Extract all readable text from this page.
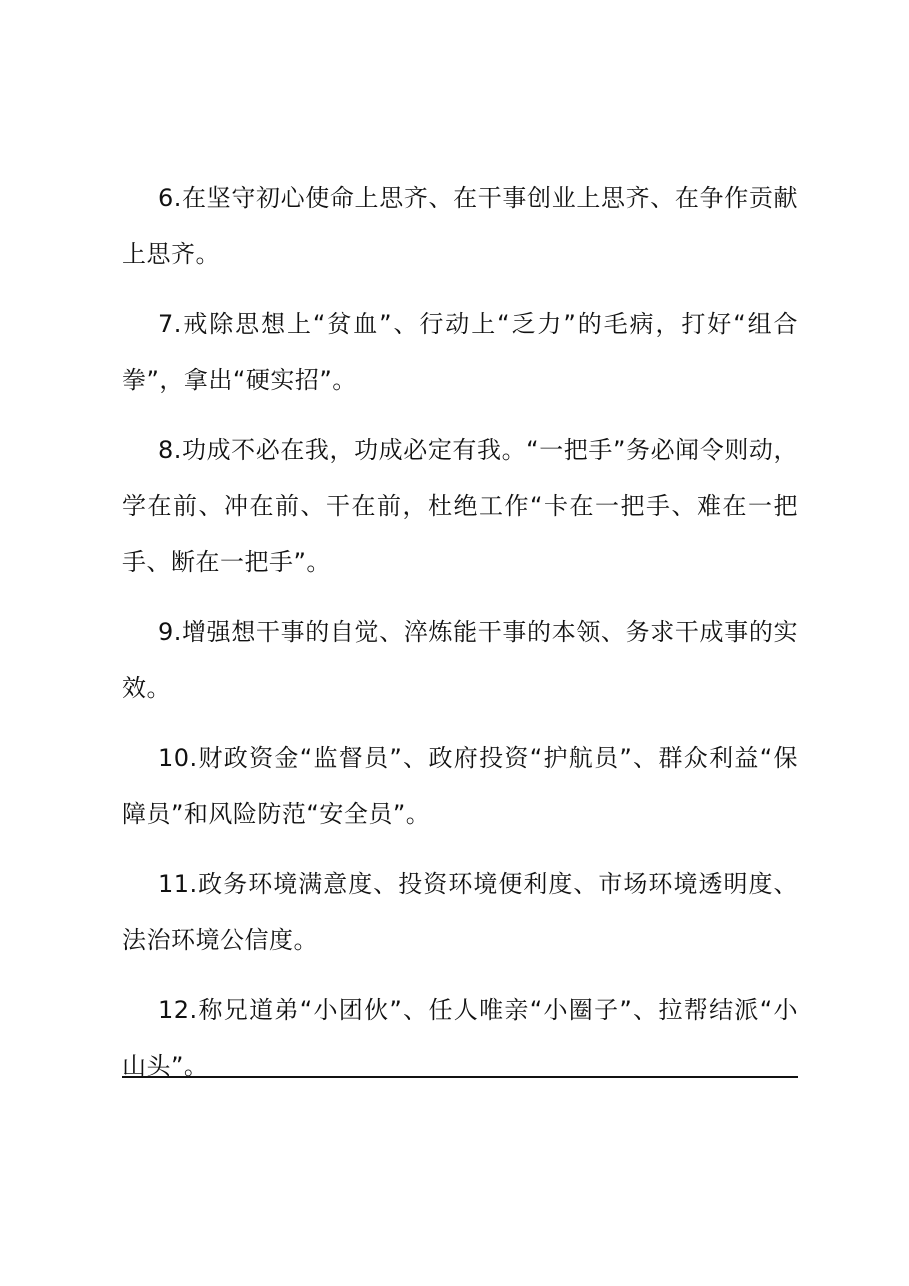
6.在坚守初心使命上思齐、在干事创业上思齐、在争作贡献上思齐。

7.戒除思想上“贫血”、行动上“乏力”的毛病，打好“组合拳”，拿出“硬实招”。

8.功成不必在我，功成必定有我。“一把手”务必闻令则动，学在前、冲在前、干在前，杜绝工作“卡在一把手、难在一把手、断在一把手”。

9.增强想干事的自觉、淬炼能干事的本领、务求干成事的实效。

10.财政资金“监督员”、政府投资“护航员”、群众利益“保障员”和风险防范“安全员”。

11.政务环境满意度、投资环境便利度、市场环境透明度、法治环境公信度。

12.称兄道弟“小团伙”、任人唯亲“小圈子”、拉帮结派“小山头”。
